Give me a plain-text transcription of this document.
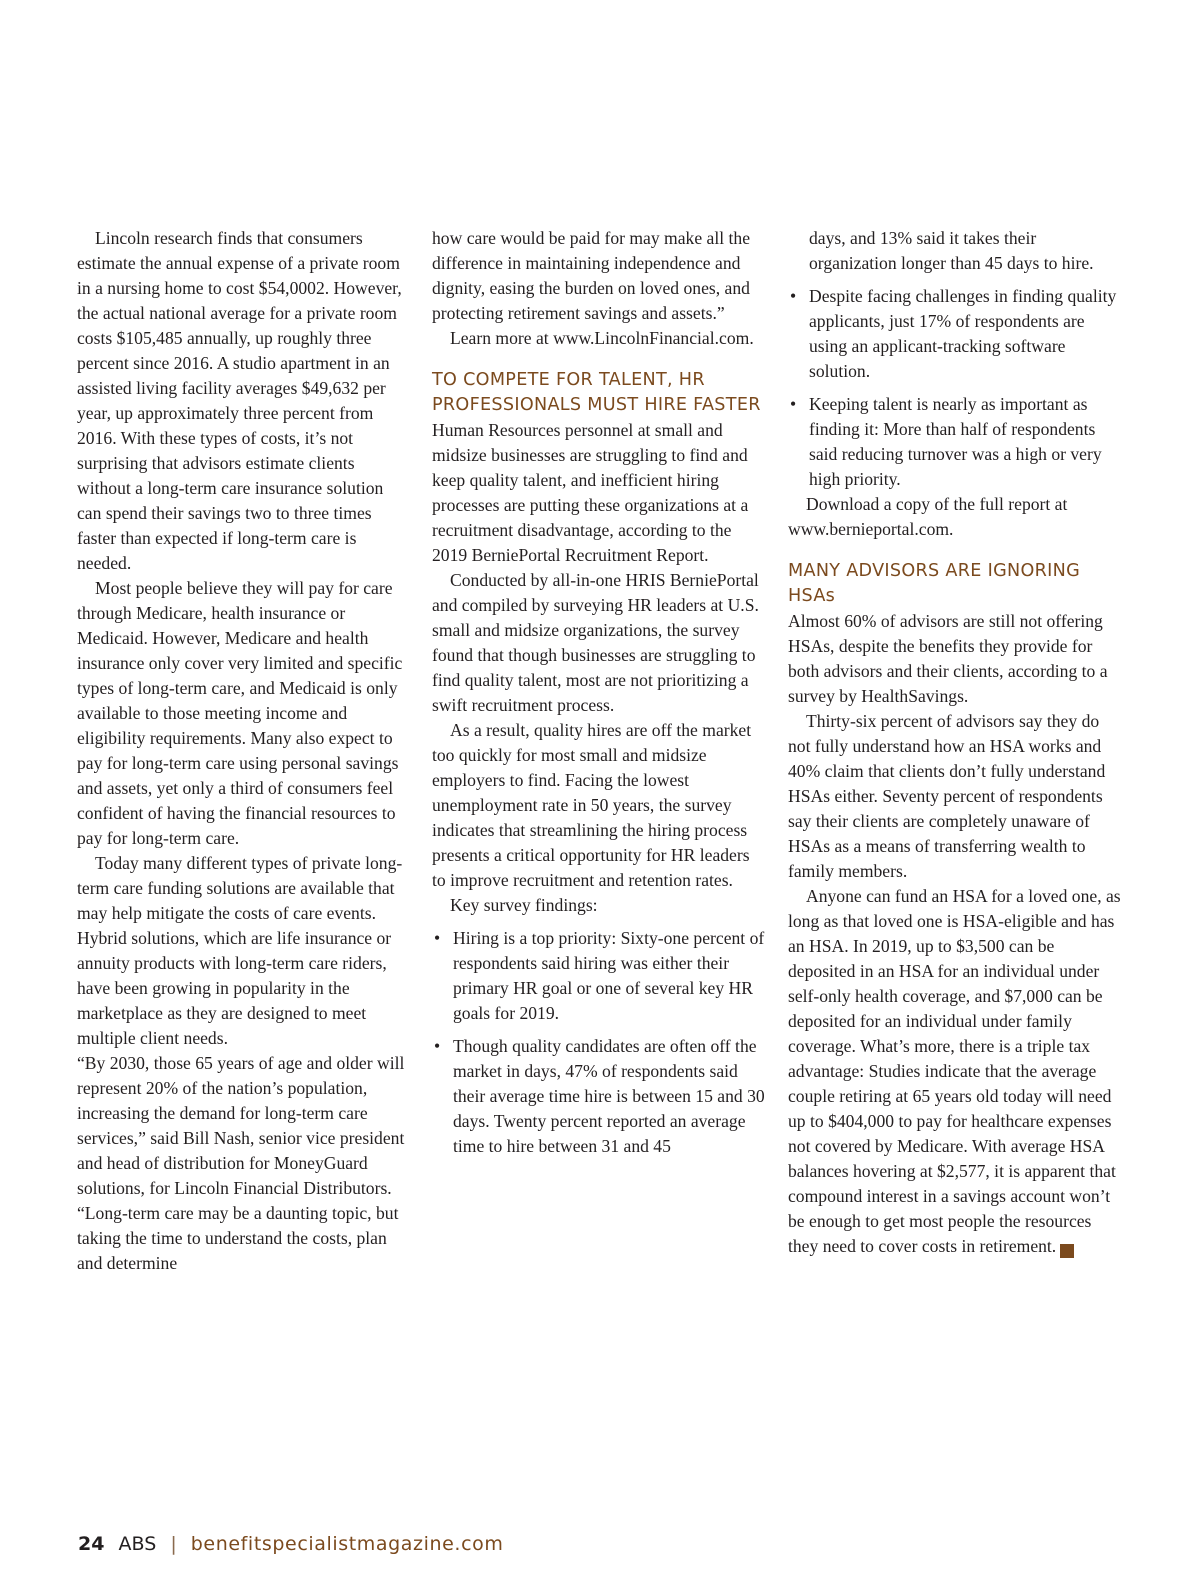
Lincoln research finds that consumers estimate the annual expense of a private room in a nursing home to cost $54,0002. However, the actual national average for a private room costs $105,485 annually, up roughly three percent since 2016. A studio apartment in an assisted living facility averages $49,632 per year, up approximately three percent from 2016. With these types of costs, it’s not surprising that advisors estimate clients without a long-term care insurance solution can spend their savings two to three times faster than expected if long-term care is needed.

Most people believe they will pay for care through Medicare, health insurance or Medicaid. However, Medicare and health insurance only cover very limited and specific types of long-term care, and Medicaid is only available to those meeting income and eligibility requirements. Many also expect to pay for long-term care using personal savings and assets, yet only a third of consumers feel confident of having the financial resources to pay for long-term care.

Today many different types of private long-term care funding solutions are available that may help mitigate the costs of care events. Hybrid solutions, which are life insurance or annuity products with long-term care riders, have been growing in popularity in the marketplace as they are designed to meet multiple client needs.

“By 2030, those 65 years of age and older will represent 20% of the nation’s population, increasing the demand for long-term care services,” said Bill Nash, senior vice president and head of distribution for MoneyGuard solutions, for Lincoln Financial Distributors. “Long-term care may be a daunting topic, but taking the time to understand the costs, plan and determine

how care would be paid for may make all the difference in maintaining independence and dignity, easing the burden on loved ones, and protecting retirement savings and assets.”

Learn more at www.LincolnFinancial.com.

TO COMPETE FOR TALENT, HR PROFESSIONALS MUST HIRE FASTER

Human Resources personnel at small and midsize businesses are struggling to find and keep quality talent, and inefficient hiring processes are putting these organizations at a recruitment disadvantage, according to the 2019 BerniePortal Recruitment Report.

Conducted by all-in-one HRIS BerniePortal and compiled by surveying HR leaders at U.S. small and midsize organizations, the survey found that though businesses are struggling to find quality talent, most are not prioritizing a swift recruitment process.

As a result, quality hires are off the market too quickly for most small and midsize employers to find. Facing the lowest unemployment rate in 50 years, the survey indicates that streamlining the hiring process presents a critical opportunity for HR leaders to improve recruitment and retention rates.

Key survey findings:

• Hiring is a top priority: Sixty-one percent of respondents said hiring was either their primary HR goal or one of several key HR goals for 2019.
• Though quality candidates are often off the market in days, 47% of respondents said their average time hire is between 15 and 30 days. Twenty percent reported an average time to hire between 31 and 45
days, and 13% said it takes their organization longer than 45 days to hire.
• Despite facing challenges in finding quality applicants, just 17% of respondents are using an applicant-tracking software solution.
• Keeping talent is nearly as important as finding it: More than half of respondents said reducing turnover was a high or very high priority.

Download a copy of the full report at www.bernieportal.com.

MANY ADVISORS ARE IGNORING HSAs

Almost 60% of advisors are still not offering HSAs, despite the benefits they provide for both advisors and their clients, according to a survey by HealthSavings.

Thirty-six percent of advisors say they do not fully understand how an HSA works and 40% claim that clients don’t fully understand HSAs either. Seventy percent of respondents say their clients are completely unaware of HSAs as a means of transferring wealth to family members.

Anyone can fund an HSA for a loved one, as long as that loved one is HSA-eligible and has an HSA. In 2019, up to $3,500 can be deposited in an HSA for an individual under self-only health coverage, and $7,000 can be deposited for an individual under family coverage. What’s more, there is a triple tax advantage: Studies indicate that the average couple retiring at 65 years old today will need up to $404,000 to pay for healthcare expenses not covered by Medicare. With average HSA balances hovering at $2,577, it is apparent that compound interest in a savings account won’t be enough to get most people the resources they need to cover costs in retirement. A

24 ABS | benefitspecialistmagazine.com
